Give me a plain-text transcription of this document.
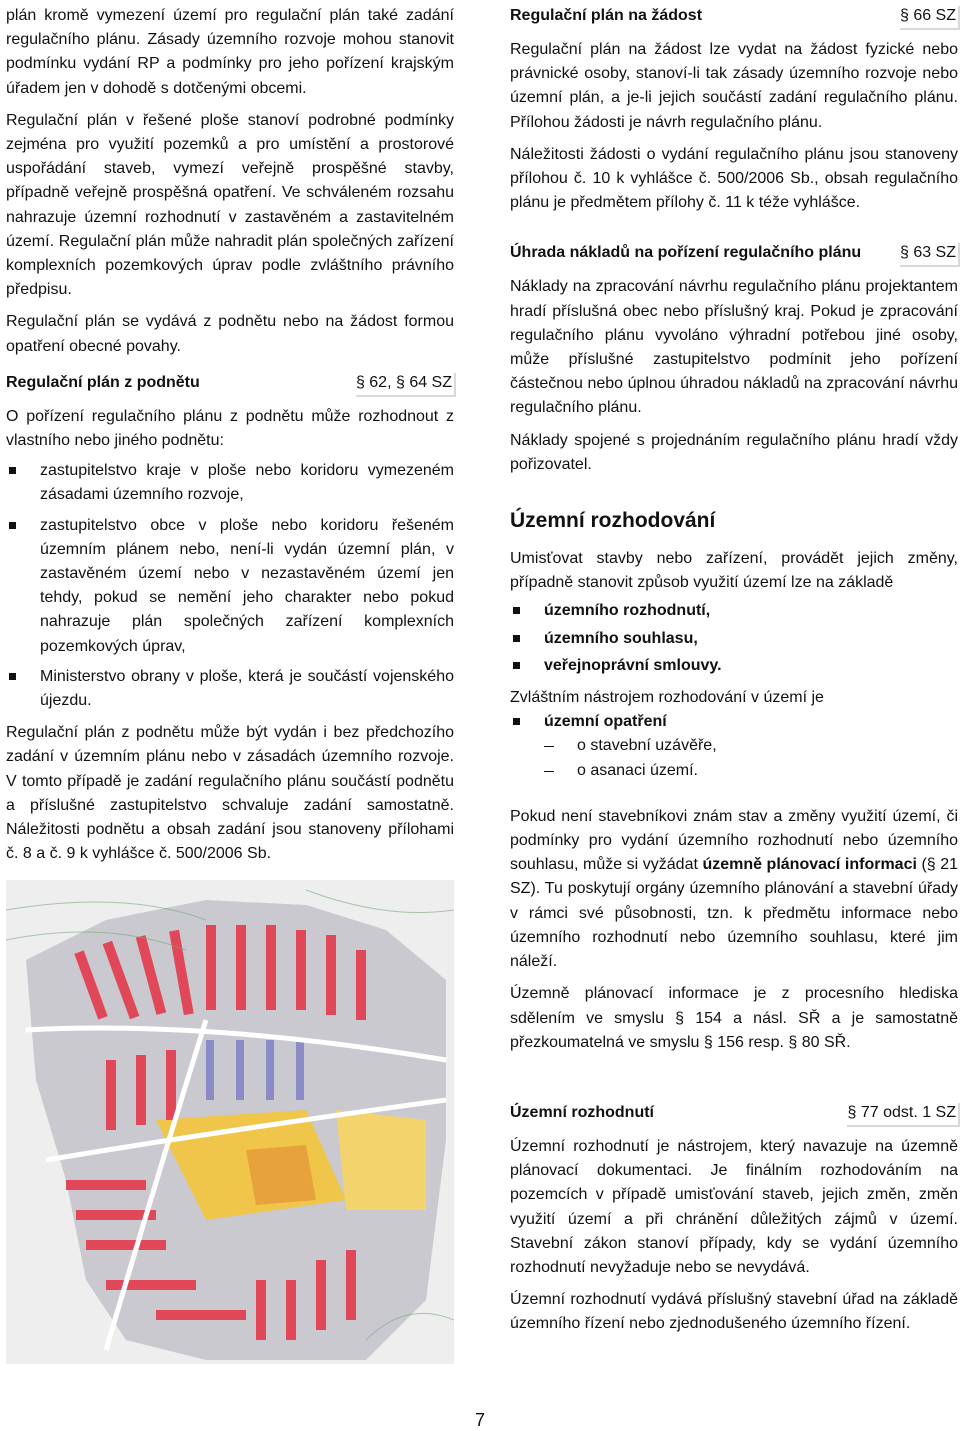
plán kromě vymezení území pro regulační plán také zadání regulačního plánu. Zásady územního rozvoje mohou stanovit podmínku vydání RP a podmínky pro jeho pořízení krajským úřadem jen v dohodě s dotčenými obcemi.

Regulační plán v řešené ploše stanoví podrobné podmínky zejména pro využití pozemků a pro umístění a prostorové uspořádání staveb, vymezí veřejně prospěšné stavby, případně veřejně prospěšná opatření. Ve schváleném rozsahu nahrazuje územní rozhodnutí v zastavěném a zastavitelném území. Regulační plán může nahradit plán společných zařízení komplexních pozemkových úprav podle zvláštního právního předpisu.

Regulační plán se vydává z podnětu nebo na žádost formou opatření obecné povahy.

Regulační plán z podnětu	§ 62, § 64 SZ

O pořízení regulačního plánu z podnětu může rozhodnout z vlastního nebo jiného podnětu:

zastupitelstvo kraje v ploše nebo koridoru vymezeném zásadami územního rozvoje,
zastupitelstvo obce v ploše nebo koridoru řešeném územním plánem nebo, není-li vydán územní plán, v zastavěném území nebo v nezastavěném území jen tehdy, pokud se nemění jeho charakter nebo pokud nahrazuje plán společných zařízení komplexních pozemkových úprav,
Ministerstvo obrany v ploše, která je součástí vojenského újezdu.

Regulační plán z podnětu může být vydán i bez předchozího zadání v územním plánu nebo v zásadách územního rozvoje. V tomto případě je zadání regulačního plánu součástí podnětu a příslušné zastupitelstvo schvaluje zadání samostatně. Náležitosti podnětu a obsah zadání jsou stanoveny přílohami č. 8 a č. 9 k vyhlášce č. 500/2006 Sb.

Regulační plán na žádost	§ 66 SZ

Regulační plán na žádost lze vydat na žádost fyzické nebo právnické osoby, stanoví-li tak zásady územního rozvoje nebo územní plán, a je-li jejich součástí zadání regulačního plánu. Přílohou žádosti je návrh regulačního plánu.

Náležitosti žádosti o vydání regulačního plánu jsou stanoveny přílohou č. 10 k vyhlášce č. 500/2006 Sb., obsah regulačního plánu je předmětem přílohy č. 11 k téže vyhlášce.

Úhrada nákladů na pořízení regulačního plánu § 63 SZ

Náklady na zpracování návrhu regulačního plánu projektantem hradí příslušná obec nebo příslušný kraj. Pokud je zpracování regulačního plánu vyvoláno výhradní potřebou jiné osoby, může příslušné zastupitelstvo podmínit jeho pořízení částečnou nebo úplnou úhradou nákladů na zpracování návrhu regulačního plánu.

Náklady spojené s projednáním regulačního plánu hradí vždy pořizovatel.

Územní rozhodování

Umisťovat stavby nebo zařízení, provádět jejich změny, případně stanovit způsob využití území lze na základě

územního rozhodnutí,
územního souhlasu,
veřejnoprávní smlouvy.

Zvláštním nástrojem rozhodování v území je

územní opatření
o stavební uzávěře,
o asanaci území.

Pokud není stavebníkovi znám stav a změny využití území, či podmínky pro vydání územního rozhodnutí nebo územního souhlasu, může si vyžádat územně plánovací informaci (§ 21 SZ). Tu poskytují orgány územního plánování a stavební úřady v rámci své působnosti, tzn. k předmětu informace nebo územního rozhodnutí nebo územního souhlasu, které jim náleží.

Územně plánovací informace je z procesního hlediska sdělením ve smyslu § 154 a násl. SŘ a je samostatně přezkoumatelná ve smyslu § 156 resp. § 80 SŘ.

Územní rozhodnutí	§ 77 odst. 1 SZ

Územní rozhodnutí je nástrojem, který navazuje na územně plánovací dokumentaci. Je finálním rozhodováním na pozemcích v případě umisťování staveb, jejich změn, změn využití území a při chránění důležitých zájmů v území. Stavební zákon stanoví případy, kdy se vydání územního rozhodnutí nevyžaduje nebo se nevydává.

Územní rozhodnutí vydává příslušný stavební úřad na základě územního řízení nebo zjednodušeného územního řízení.

7
